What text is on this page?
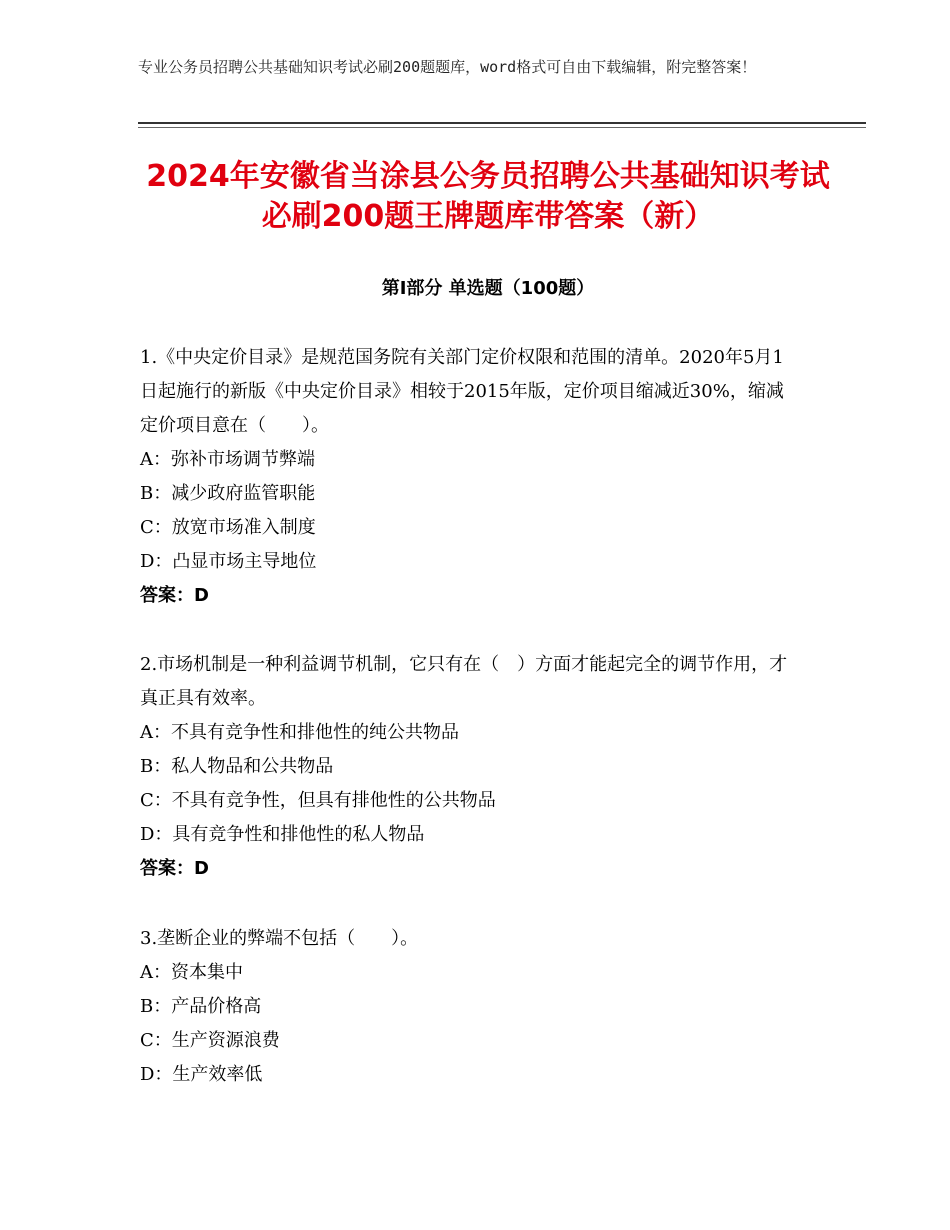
专业公务员招聘公共基础知识考试必刷200题题库，word格式可自由下载编辑，附完整答案！
2024年安徽省当涂县公务员招聘公共基础知识考试必刷200题王牌题库带答案（新）
第Ⅰ部分 单选题（100题）
1.《中央定价目录》是规范国务院有关部门定价权限和范围的清单。2020年5月1日起施行的新版《中央定价目录》相较于2015年版，定价项目缩减近30%，缩减定价项目意在（　　）。
A：弥补市场调节弊端
B：减少政府监管职能
C：放宽市场准入制度
D：凸显市场主导地位
答案：D
2.市场机制是一种利益调节机制，它只有在（　）方面才能起完全的调节作用，才真正具有效率。
A：不具有竞争性和排他性的纯公共物品
B：私人物品和公共物品
C：不具有竞争性，但具有排他性的公共物品
D：具有竞争性和排他性的私人物品
答案：D
3.垄断企业的弊端不包括（　　）。
A：资本集中
B：产品价格高
C：生产资源浪费
D：生产效率低
